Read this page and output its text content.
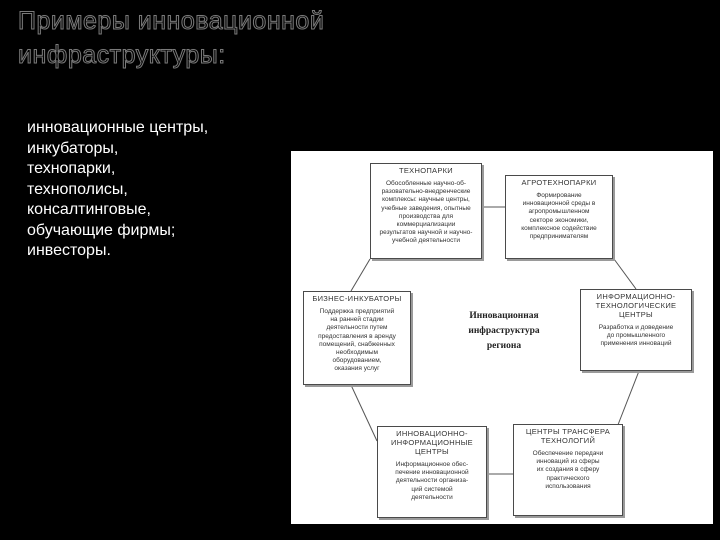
Примеры инновационной
инфраструктуры:
инновационные центры,
инкубаторы,
технопарки,
технополисы,
консалтинговые,
обучающие фирмы;
инвесторы.
ТЕХНОПАРКИ
Обособленные научно-об-
разовательно-внедренческие
комплексы: научные центры,
учебные заведения, опытные
производства для коммерциализации
результатов научной и научно-
учебной деятельности
АГРОТЕХНОПАРКИ
Формирование
инновационной среды в
агропромышленном
секторе экономики,
комплексное содействие
предпринимателям
БИЗНЕС-ИНКУБАТОРЫ
Поддержка предприятий
на ранней стадии
деятельности путем
предоставления в аренду
помещений, снабженных
необходимым
оборудованием,
оказания услуг
Инновационная
инфраструктура
региона
ИНФОРМАЦИОННО-ТЕХНОЛОГИЧЕСКИЕ ЦЕНТРЫ
Разработка и доведение
до промышленного
применения инноваций
ИННОВАЦИОННО-ИНФОРМАЦИОННЫЕ ЦЕНТРЫ
Информационное обес-
печение инновационной
деятельности организа-
ций системой
деятельности
ЦЕНТРЫ ТРАНСФЕРА ТЕХНОЛОГИЙ
Обеспечение передачи
инноваций из сферы
их создания в сферу
практического
использования
